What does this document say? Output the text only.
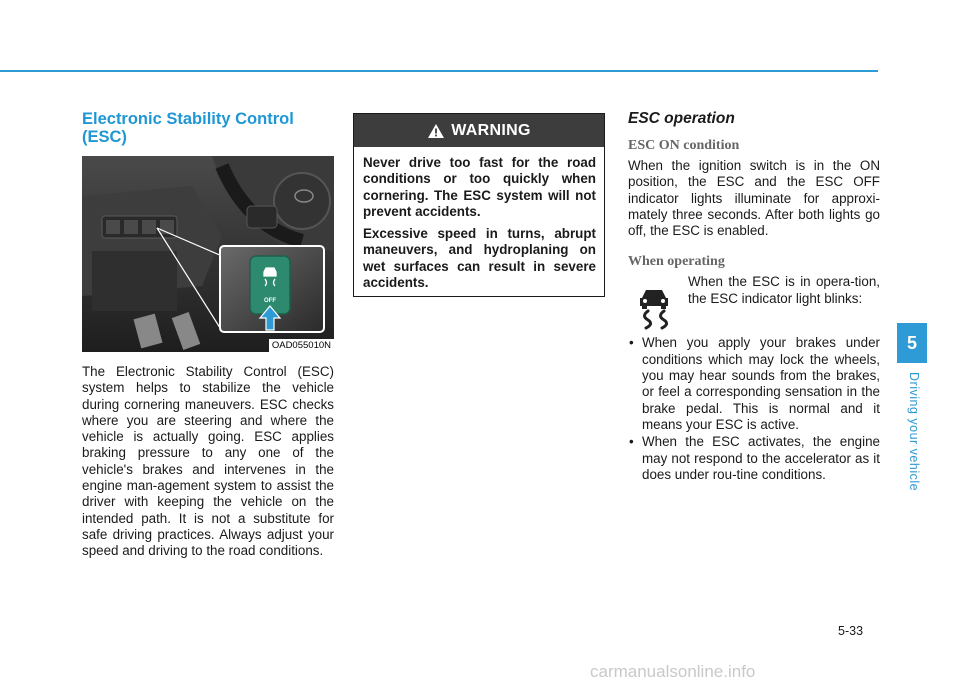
Electronic Stability Control
(ESC)
OFF
OAD055010N

The Electronic Stability Control (ESC) system helps to stabilize the vehicle during cornering maneuvers. ESC checks where you are steering and where the vehicle is actually going. ESC applies braking pressure to any one of the vehicle's brakes and intervenes in the engine man-agement system to assist the driver with keeping the vehicle on the intended path. It is not a substitute for safe driving practices. Always adjust your speed and driving to the road conditions.

WARNING

Never drive too fast for the road conditions or too quickly when cornering. The ESC system will not prevent accidents.

Excessive speed in turns, abrupt maneuvers, and hydroplaning on wet surfaces can result in severe accidents.

ESC operation
ESC ON condition

When the ignition switch is in the ON position, the ESC and the ESC OFF indicator lights illuminate for approxi-mately three seconds. After both lights go off, the ESC is enabled.

When operating

When the ESC is in opera-tion, the ESC indicator light blinks:

• When you apply your brakes under conditions which may lock the wheels, you may hear sounds from the brakes, or feel a corresponding sensation in the brake pedal. This is normal and it means your ESC is active.
• When the ESC activates, the engine may not respond to the accelerator as it does under rou-tine conditions.
5
Driving your vehicle
5-33
carmanualsonline.info
